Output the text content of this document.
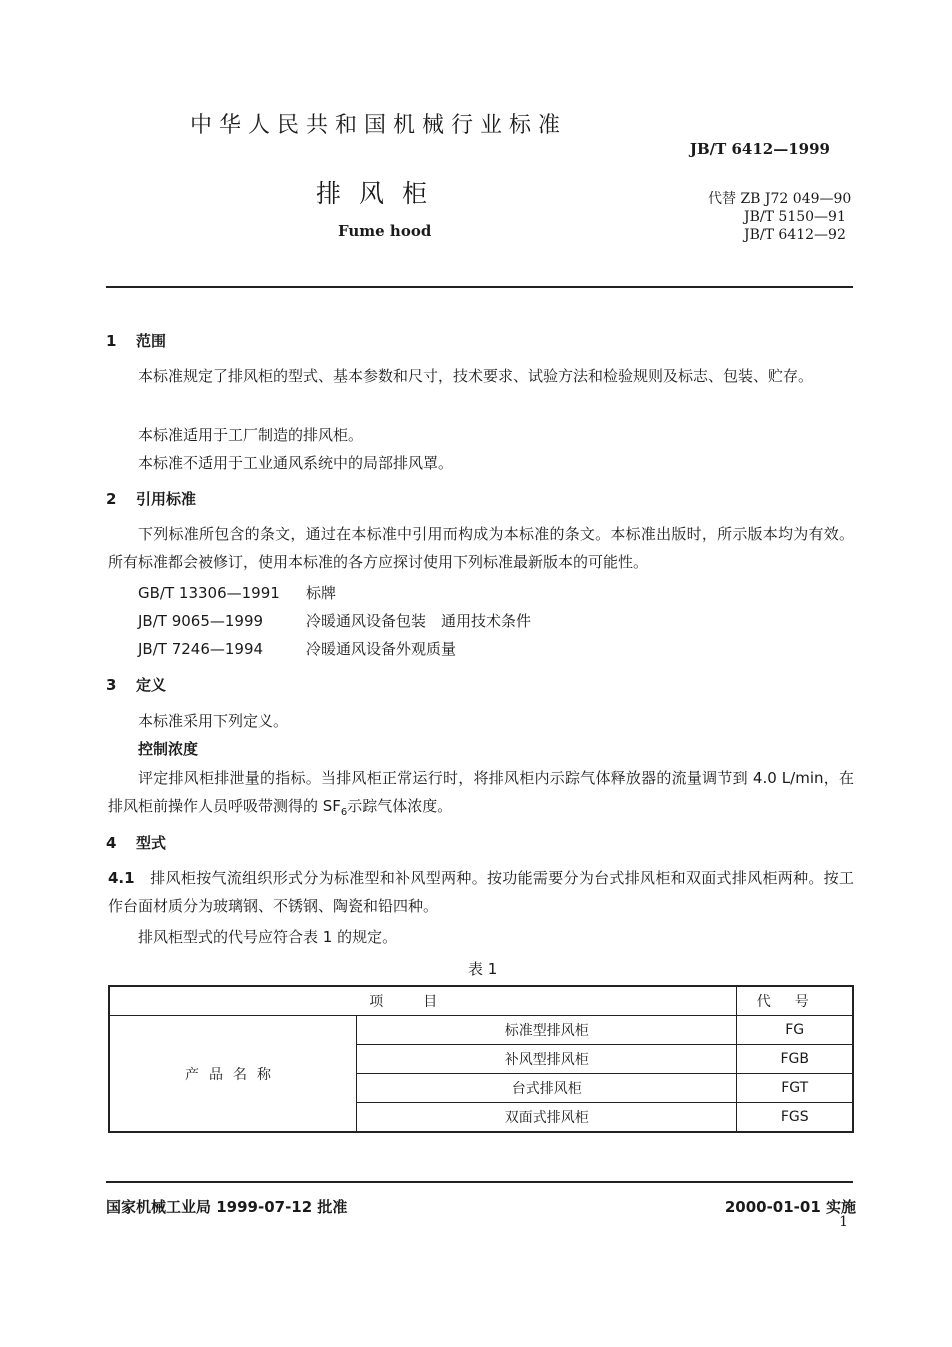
中华人民共和国机械行业标准
JB/T 6412—1999
排风柜
Fume hood
代替 ZB J72 049—90
JB/T 5150—91
JB/T 6412—92
1 范围
本标准规定了排风柜的型式、基本参数和尺寸，技术要求、试验方法和检验规则及标志、包装、贮存。
本标准适用于工厂制造的排风柜。
本标准不适用于工业通风系统中的局部排风罩。
2 引用标准
下列标准所包含的条文，通过在本标准中引用而构成为本标准的条文。本标准出版时，所示版本均为有效。所有标准都会被修订，使用本标准的各方应探讨使用下列标准最新版本的可能性。
GB/T 13306—1991 标牌
JB/T 9065—1999	冷暖通风设备包装　通用技术条件
JB/T 7246—1994	冷暖通风设备外观质量
3 定义
本标准采用下列定义。
控制浓度
评定排风柜排泄量的指标。当排风柜正常运行时，将排风柜内示踪气体释放器的流量调节到 4.0 L/min，在排风柜前操作人员呼吸带测得的 $SF_6$示踪气体浓度。
4 型式
4.1 排风柜按气流组织形式分为标准型和补风型两种。按功能需要分为台式排风柜和双面式排风柜两种。按工作台面材质分为玻璃钢、不锈钢、陶瓷和铅四种。
排风柜型式的代号应符合表 1 的规定。
表 1
项目		代号
产品名称	标准型排风柜	FG
	补风型排风柜	FGB
	台式排风柜	FGT
	双面式排风柜	FGS
国家机械工业局 1999-07-12 批准	2000-01-01 实施
1
